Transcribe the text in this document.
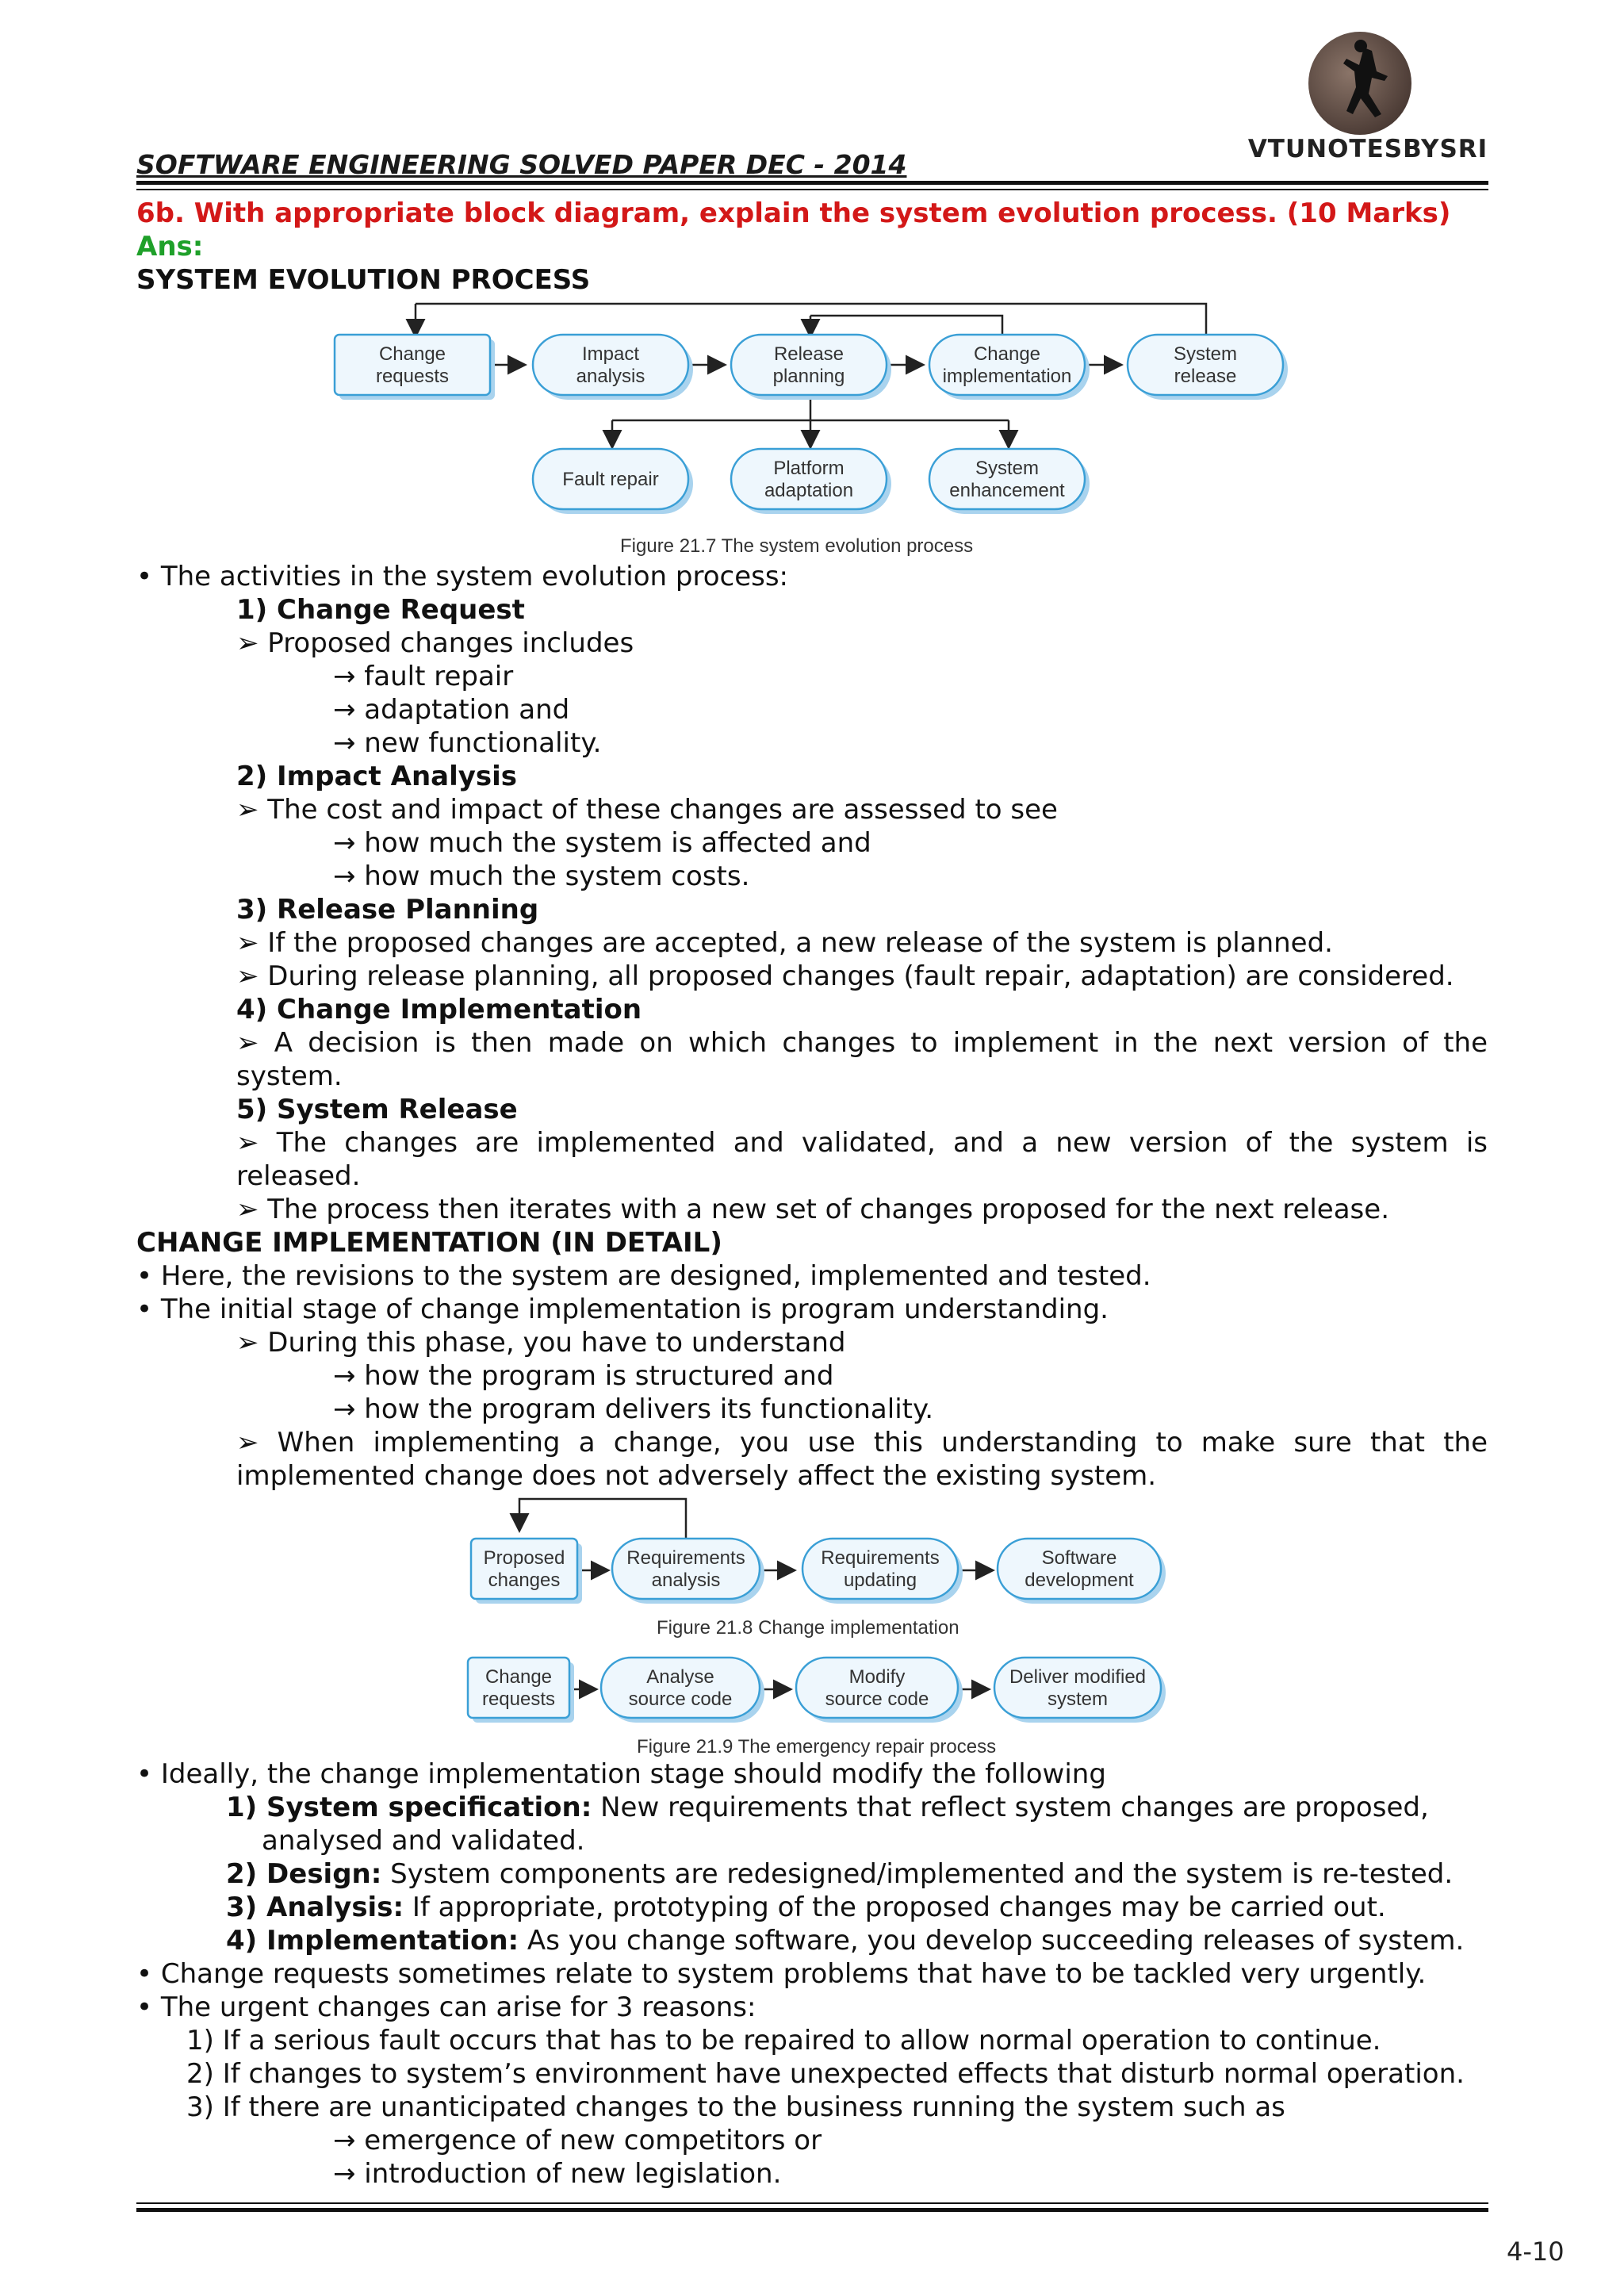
VTUNOTESBYSRI
SOFTWARE ENGINEERING SOLVED PAPER DEC - 2014
6b. With appropriate block diagram, explain the system evolution process. (10 Marks)
Ans:
SYSTEM EVOLUTION PROCESS
Change
requests
Impact
analysis
Release
planning
Change
implementation
System
release
Fault repair
Platform
adaptation
System
enhancement
Figure 21.7 The system evolution process
• The activities in the system evolution process:
1) Change Request
➢ Proposed changes includes
→ fault repair
→ adaptation and
→ new functionality.
2) Impact Analysis
➢ The cost and impact of these changes are assessed to see
→ how much the system is affected and
→ how much the system costs.
3) Release Planning
➢ If the proposed changes are accepted, a new release of the system is planned.
➢ During release planning, all proposed changes (fault repair, adaptation) are considered.
4) Change Implementation
➢ A decision is then made on which changes to implement in the next version of the
system.
5) System Release
➢ The changes are implemented and validated, and a new version of the system is
released.
➢ The process then iterates with a new set of changes proposed for the next release.
CHANGE IMPLEMENTATION (IN DETAIL)
• Here, the revisions to the system are designed, implemented and tested.
• The initial stage of change implementation is program understanding.
➢ During this phase, you have to understand
→ how the program is structured and
→ how the program delivers its functionality.
➢ When implementing a change, you use this understanding to make sure that the
implemented change does not adversely affect the existing system.
Proposed
changes
Requirements
analysis
Requirements
updating
Software
development
Change
requests
Analyse
source code
Modify
source code
Deliver modified
system
Figure 21.8 Change implementation
Figure 21.9 The emergency repair process
• Ideally, the change implementation stage should modify the following
1) System specification: New requirements that reflect system changes are proposed,
analysed and validated.
2) Design: System components are redesigned/implemented and the system is re-tested.
3) Analysis: If appropriate, prototyping of the proposed changes may be carried out.
4) Implementation: As you change software, you develop succeeding releases of system.
• Change requests sometimes relate to system problems that have to be tackled very urgently.
• The urgent changes can arise for 3 reasons:
1) If a serious fault occurs that has to be repaired to allow normal operation to continue.
2) If changes to system’s environment have unexpected effects that disturb normal operation.
3) If there are unanticipated changes to the business running the system such as
→ emergence of new competitors or
→ introduction of new legislation.
4-10
